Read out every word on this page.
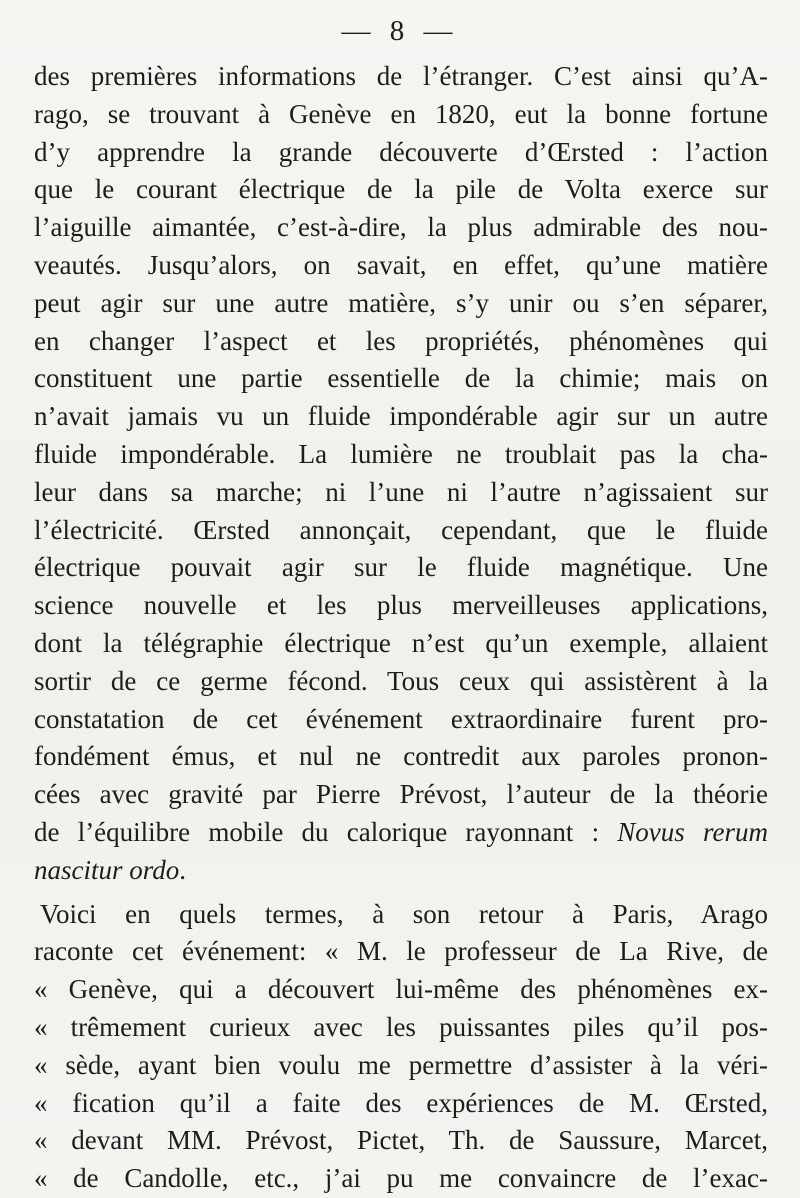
— 8 —
des premières informations de l’étranger. C’est ainsi qu’A-
rago, se trouvant à Genève en 1820, eut la bonne fortune
d’y apprendre la grande découverte d’Œrsted : l’action
que le courant électrique de la pile de Volta exerce sur
l’aiguille aimantée, c’est-à-dire, la plus admirable des nou-
veautés. Jusqu’alors, on savait, en effet, qu’une matière
peut agir sur une autre matière, s’y unir ou s’en séparer,
en changer l’aspect et les propriétés, phénomènes qui
constituent une partie essentielle de la chimie; mais on
n’avait jamais vu un fluide impondérable agir sur un autre
fluide impondérable. La lumière ne troublait pas la cha-
leur dans sa marche; ni l’une ni l’autre n’agissaient sur
l’électricité. Œrsted annonçait, cependant, que le fluide
électrique pouvait agir sur le fluide magnétique. Une
science nouvelle et les plus merveilleuses applications,
dont la télégraphie électrique n’est qu’un exemple, allaient
sortir de ce germe fécond. Tous ceux qui assistèrent à la
constatation de cet événement extraordinaire furent pro-
fondément émus, et nul ne contredit aux paroles pronon-
cées avec gravité par Pierre Prévost, l’auteur de la théorie
de l’équilibre mobile du calorique rayonnant : Novus rerum
nascitur ordo.
Voici en quels termes, à son retour à Paris, Arago
raconte cet événement: « M. le professeur de La Rive, de
« Genève, qui a découvert lui-même des phénomènes ex-
« trêmement curieux avec les puissantes piles qu’il pos-
« sède, ayant bien voulu me permettre d’assister à la véri-
« fication qu’il a faite des expériences de M. Œrsted,
« devant MM. Prévost, Pictet, Th. de Saussure, Marcet,
« de Candolle, etc., j’ai pu me convaincre de l’exac-
